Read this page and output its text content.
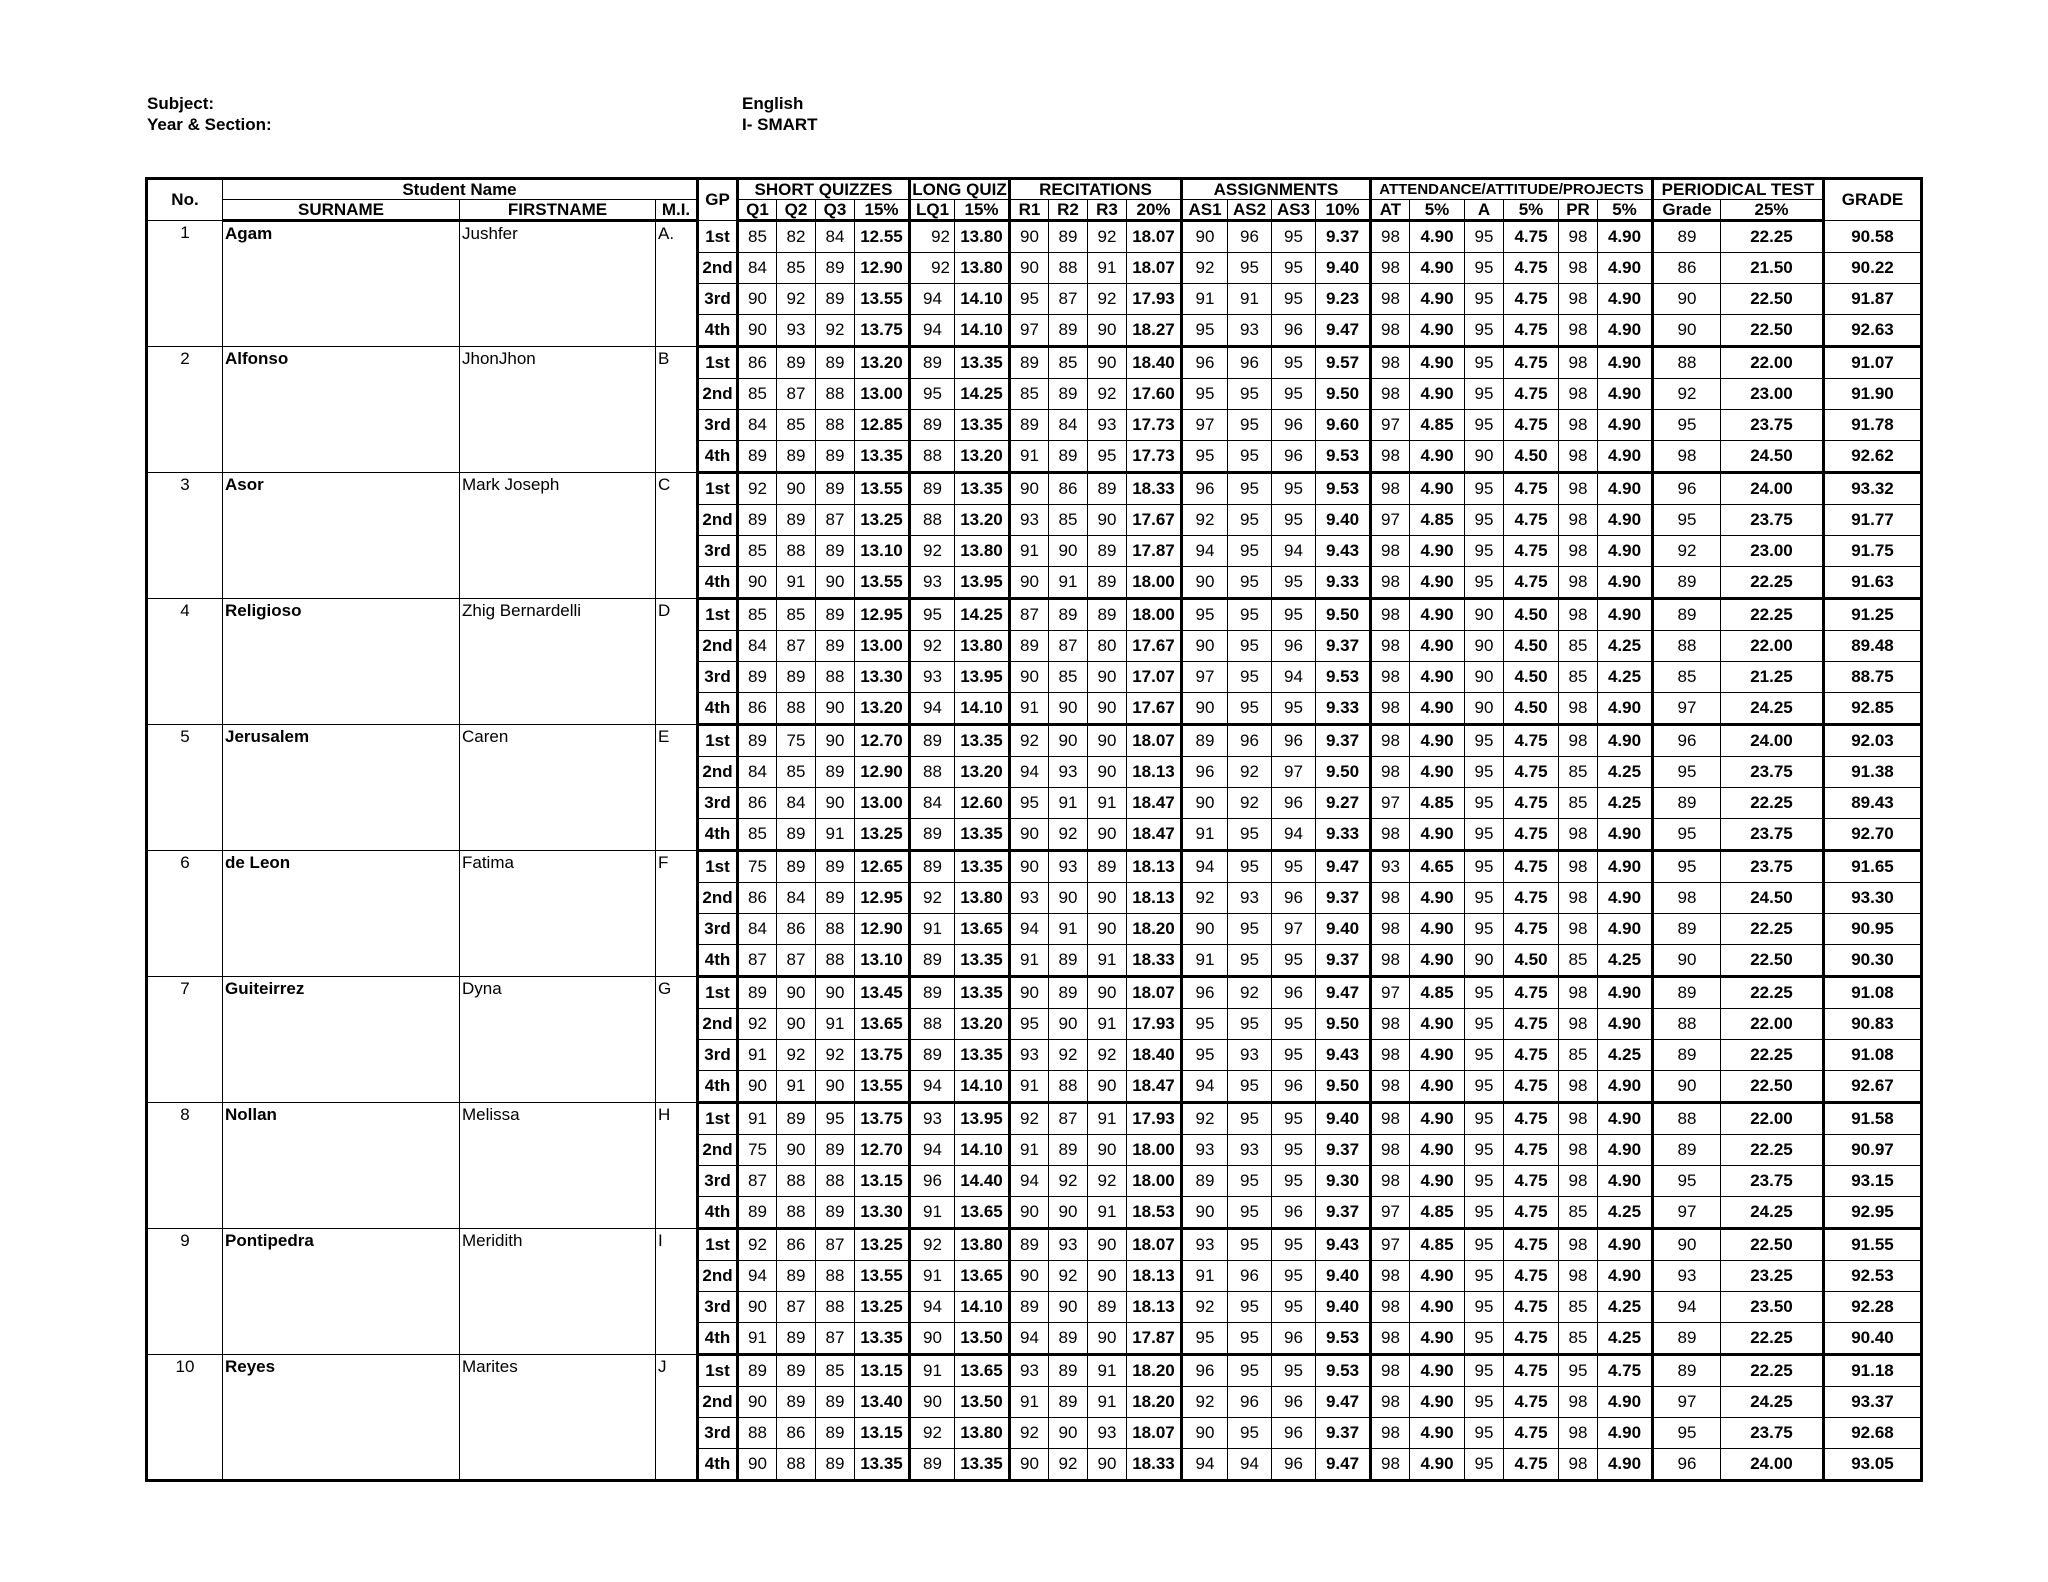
Subject:
Year & Section:
English
I- SMART
No.	Student Name			GP	SHORT QUIZZES				LONG QUIZ		RECITATIONS				ASSIGNMENTS				ATTENDANCE/ATTITUDE/PROJECTS						PERIODICAL TEST		GRADE
	SURNAME	FIRSTNAME	M.I.		Q1	Q2	Q3	15%	LQ1	15%	R1	R2	R3	20%	AS1	AS2	AS3	10%	AT	5%	A	5%	PR	5%	Grade	25%	
1	Agam	Jushfer	A.	1st	85	82	84	12.55	92	13.80	90	89	92	18.07	90	96	95	9.37	98	4.90	95	4.75	98	4.90	89	22.25	90.58
				2nd	84	85	89	12.90	92	13.80	90	88	91	18.07	92	95	95	9.40	98	4.90	95	4.75	98	4.90	86	21.50	90.22
				3rd	90	92	89	13.55	94	14.10	95	87	92	17.93	91	91	95	9.23	98	4.90	95	4.75	98	4.90	90	22.50	91.87
				4th	90	93	92	13.75	94	14.10	97	89	90	18.27	95	93	96	9.47	98	4.90	95	4.75	98	4.90	90	22.50	92.63
2	Alfonso	JhonJhon	B	1st	86	89	89	13.20	89	13.35	89	85	90	18.40	96	96	95	9.57	98	4.90	95	4.75	98	4.90	88	22.00	91.07
				2nd	85	87	88	13.00	95	14.25	85	89	92	17.60	95	95	95	9.50	98	4.90	95	4.75	98	4.90	92	23.00	91.90
				3rd	84	85	88	12.85	89	13.35	89	84	93	17.73	97	95	96	9.60	97	4.85	95	4.75	98	4.90	95	23.75	91.78
				4th	89	89	89	13.35	88	13.20	91	89	95	17.73	95	95	96	9.53	98	4.90	90	4.50	98	4.90	98	24.50	92.62
3	Asor	Mark Joseph	C	1st	92	90	89	13.55	89	13.35	90	86	89	18.33	96	95	95	9.53	98	4.90	95	4.75	98	4.90	96	24.00	93.32
				2nd	89	89	87	13.25	88	13.20	93	85	90	17.67	92	95	95	9.40	97	4.85	95	4.75	98	4.90	95	23.75	91.77
				3rd	85	88	89	13.10	92	13.80	91	90	89	17.87	94	95	94	9.43	98	4.90	95	4.75	98	4.90	92	23.00	91.75
				4th	90	91	90	13.55	93	13.95	90	91	89	18.00	90	95	95	9.33	98	4.90	95	4.75	98	4.90	89	22.25	91.63
4	Religioso	Zhig Bernardelli	D	1st	85	85	89	12.95	95	14.25	87	89	89	18.00	95	95	95	9.50	98	4.90	90	4.50	98	4.90	89	22.25	91.25
				2nd	84	87	89	13.00	92	13.80	89	87	80	17.67	90	95	96	9.37	98	4.90	90	4.50	85	4.25	88	22.00	89.48
				3rd	89	89	88	13.30	93	13.95	90	85	90	17.07	97	95	94	9.53	98	4.90	90	4.50	85	4.25	85	21.25	88.75
				4th	86	88	90	13.20	94	14.10	91	90	90	17.67	90	95	95	9.33	98	4.90	90	4.50	98	4.90	97	24.25	92.85
5	Jerusalem	Caren	E	1st	89	75	90	12.70	89	13.35	92	90	90	18.07	89	96	96	9.37	98	4.90	95	4.75	98	4.90	96	24.00	92.03
				2nd	84	85	89	12.90	88	13.20	94	93	90	18.13	96	92	97	9.50	98	4.90	95	4.75	85	4.25	95	23.75	91.38
				3rd	86	84	90	13.00	84	12.60	95	91	91	18.47	90	92	96	9.27	97	4.85	95	4.75	85	4.25	89	22.25	89.43
				4th	85	89	91	13.25	89	13.35	90	92	90	18.47	91	95	94	9.33	98	4.90	95	4.75	98	4.90	95	23.75	92.70
6	de Leon	Fatima	F	1st	75	89	89	12.65	89	13.35	90	93	89	18.13	94	95	95	9.47	93	4.65	95	4.75	98	4.90	95	23.75	91.65
				2nd	86	84	89	12.95	92	13.80	93	90	90	18.13	92	93	96	9.37	98	4.90	95	4.75	98	4.90	98	24.50	93.30
				3rd	84	86	88	12.90	91	13.65	94	91	90	18.20	90	95	97	9.40	98	4.90	95	4.75	98	4.90	89	22.25	90.95
				4th	87	87	88	13.10	89	13.35	91	89	91	18.33	91	95	95	9.37	98	4.90	90	4.50	85	4.25	90	22.50	90.30
7	Guiteirrez	Dyna	G	1st	89	90	90	13.45	89	13.35	90	89	90	18.07	96	92	96	9.47	97	4.85	95	4.75	98	4.90	89	22.25	91.08
				2nd	92	90	91	13.65	88	13.20	95	90	91	17.93	95	95	95	9.50	98	4.90	95	4.75	98	4.90	88	22.00	90.83
				3rd	91	92	92	13.75	89	13.35	93	92	92	18.40	95	93	95	9.43	98	4.90	95	4.75	85	4.25	89	22.25	91.08
				4th	90	91	90	13.55	94	14.10	91	88	90	18.47	94	95	96	9.50	98	4.90	95	4.75	98	4.90	90	22.50	92.67
8	Nollan	Melissa	H	1st	91	89	95	13.75	93	13.95	92	87	91	17.93	92	95	95	9.40	98	4.90	95	4.75	98	4.90	88	22.00	91.58
				2nd	75	90	89	12.70	94	14.10	91	89	90	18.00	93	93	95	9.37	98	4.90	95	4.75	98	4.90	89	22.25	90.97
				3rd	87	88	88	13.15	96	14.40	94	92	92	18.00	89	95	95	9.30	98	4.90	95	4.75	98	4.90	95	23.75	93.15
				4th	89	88	89	13.30	91	13.65	90	90	91	18.53	90	95	96	9.37	97	4.85	95	4.75	85	4.25	97	24.25	92.95
9	Pontipedra	Meridith	I	1st	92	86	87	13.25	92	13.80	89	93	90	18.07	93	95	95	9.43	97	4.85	95	4.75	98	4.90	90	22.50	91.55
				2nd	94	89	88	13.55	91	13.65	90	92	90	18.13	91	96	95	9.40	98	4.90	95	4.75	98	4.90	93	23.25	92.53
				3rd	90	87	88	13.25	94	14.10	89	90	89	18.13	92	95	95	9.40	98	4.90	95	4.75	85	4.25	94	23.50	92.28
				4th	91	89	87	13.35	90	13.50	94	89	90	17.87	95	95	96	9.53	98	4.90	95	4.75	85	4.25	89	22.25	90.40
10	Reyes	Marites	J	1st	89	89	85	13.15	91	13.65	93	89	91	18.20	96	95	95	9.53	98	4.90	95	4.75	95	4.75	89	22.25	91.18
				2nd	90	89	89	13.40	90	13.50	91	89	91	18.20	92	96	96	9.47	98	4.90	95	4.75	98	4.90	97	24.25	93.37
				3rd	88	86	89	13.15	92	13.80	92	90	93	18.07	90	95	96	9.37	98	4.90	95	4.75	98	4.90	95	23.75	92.68
				4th	90	88	89	13.35	89	13.35	90	92	90	18.33	94	94	96	9.47	98	4.90	95	4.75	98	4.90	96	24.00	93.05
